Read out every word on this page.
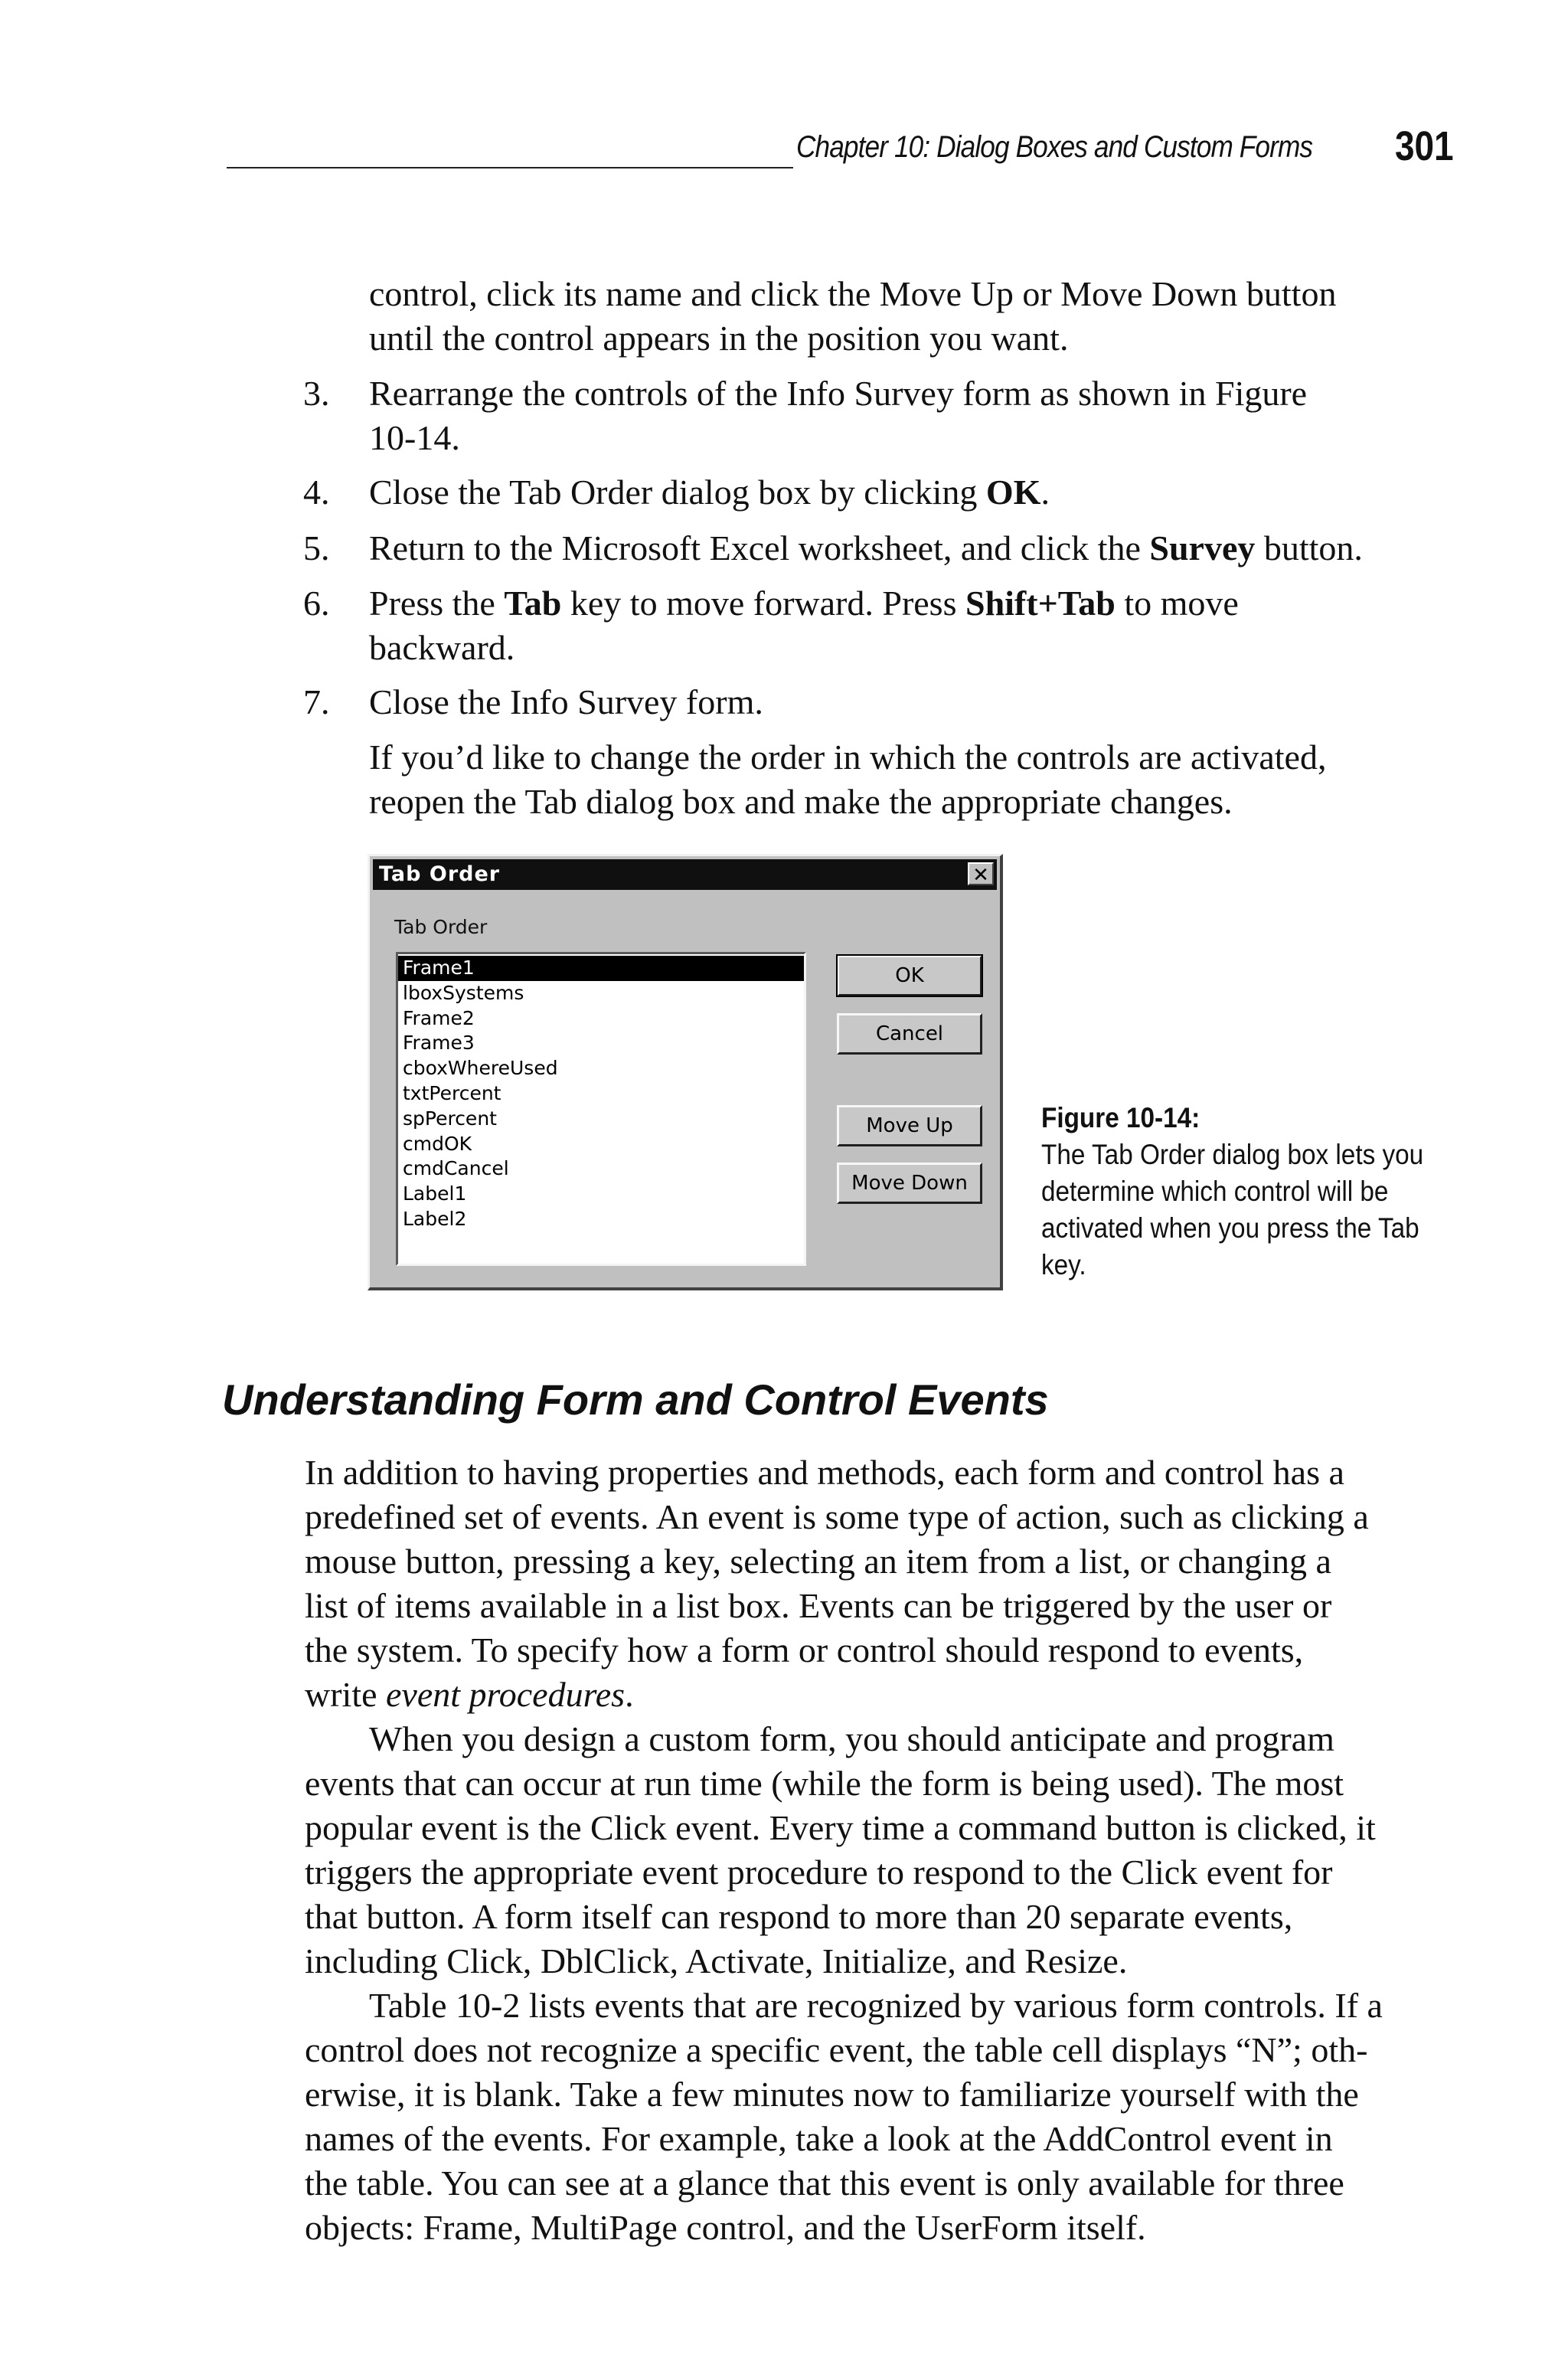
Chapter 10: Dialog Boxes and Custom Forms 301
control, click its name and click the Move Up or Move Down button
until the control appears in the position you want.
3. Rearrange the controls of the Info Survey form as shown in Figure
10-14.
4. Close the Tab Order dialog box by clicking OK.
5. Return to the Microsoft Excel worksheet, and click the Survey button.
6. Press the Tab key to move forward. Press Shift+Tab to move
backward.
7. Close the Info Survey form.
If you’d like to change the order in which the controls are activated,
reopen the Tab dialog box and make the appropriate changes.
Tab Order	✕
Tab Order
Frame1
lboxSystems
Frame2
Frame3
cboxWhereUsed
txtPercent
spPercent
cmdOK
cmdCancel
Label1
Label2
OK
Cancel
Move Up
Move Down
Figure 10-14:
The Tab Order dialog box lets you
determine which control will be
activated when you press the Tab
key.
Understanding Form and Control Events
In addition to having properties and methods, each form and control has a
predefined set of events. An event is some type of action, such as clicking a
mouse button, pressing a key, selecting an item from a list, or changing a
list of items available in a list box. Events can be triggered by the user or
the system. To specify how a form or control should respond to events,
write event procedures.
When you design a custom form, you should anticipate and program
events that can occur at run time (while the form is being used). The most
popular event is the Click event. Every time a command button is clicked, it
triggers the appropriate event procedure to respond to the Click event for
that button. A form itself can respond to more than 20 separate events,
including Click, DblClick, Activate, Initialize, and Resize.
Table 10-2 lists events that are recognized by various form controls. If a
control does not recognize a specific event, the table cell displays “N”; oth-
erwise, it is blank. Take a few minutes now to familiarize yourself with the
names of the events. For example, take a look at the AddControl event in
the table. You can see at a glance that this event is only available for three
objects: Frame, MultiPage control, and the UserForm itself.
